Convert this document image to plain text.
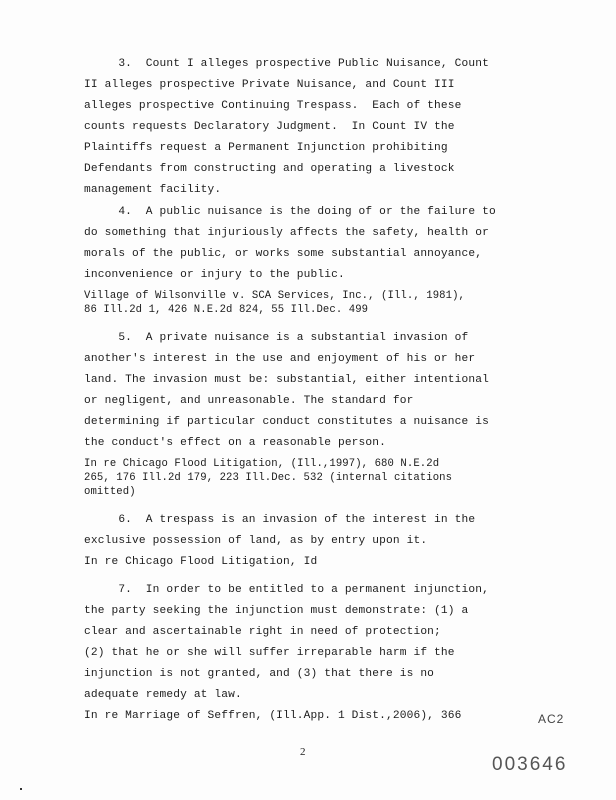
3.  Count I alleges prospective Public Nuisance, Count
II alleges prospective Private Nuisance, and Count III
alleges prospective Continuing Trespass.  Each of these
counts requests Declaratory Judgment.  In Count IV the
Plaintiffs request a Permanent Injunction prohibiting
Defendants from constructing and operating a livestock
management facility.
4.  A public nuisance is the doing of or the failure to
do something that injuriously affects the safety, health or
morals of the public, or works some substantial annoyance,
inconvenience or injury to the public.
Village of Wilsonville v. SCA Services, Inc., (Ill., 1981),
86 Ill.2d 1, 426 N.E.2d 824, 55 Ill.Dec. 499
5.  A private nuisance is a substantial invasion of
another's interest in the use and enjoyment of his or her
land. The invasion must be: substantial, either intentional
or negligent, and unreasonable. The standard for
determining if particular conduct constitutes a nuisance is
the conduct's effect on a reasonable person.
In re Chicago Flood Litigation, (Ill.,1997), 680 N.E.2d
265, 176 Ill.2d 179, 223 Ill.Dec. 532 (internal citations
omitted)
6.  A trespass is an invasion of the interest in the
exclusive possession of land, as by entry upon it.
In re Chicago Flood Litigation, Id
7.  In order to be entitled to a permanent injunction,
the party seeking the injunction must demonstrate: (1) a
clear and ascertainable right in need of protection;
(2) that he or she will suffer irreparable harm if the
injunction is not granted, and (3) that there is no
adequate remedy at law.
In re Marriage of Seffren, (Ill.App. 1 Dist.,2006), 366	AC2
2
003646
